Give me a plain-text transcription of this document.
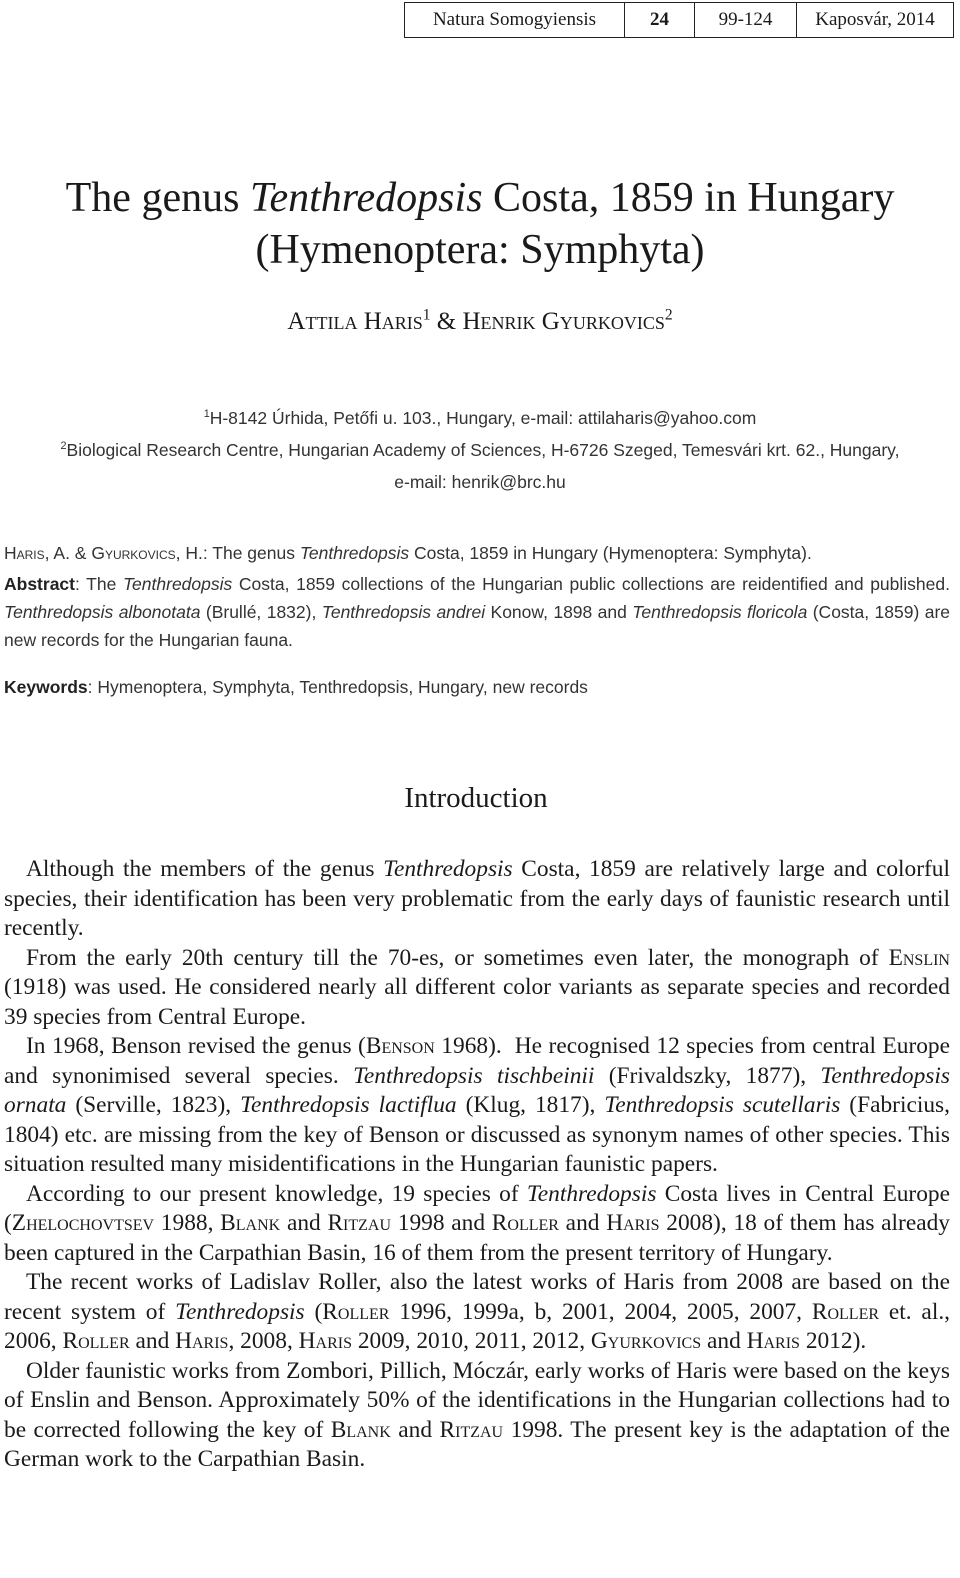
Natura Somogyiensis	24	99-124	Kaposvár, 2014
The genus Tenthredopsis Costa, 1859 in Hungary
(Hymenoptera: Symphyta)
Attila Haris$^1$ & Henrik Gyurkovics$^2$
$^1$H-8142 Úrhida, Petőfi u. 103., Hungary, e-mail: attilaharis@yahoo.com
$^2$Biological Research Centre, Hungarian Academy of Sciences, H-6726 Szeged, Temesvári krt. 62., Hungary,
e-mail: henrik@brc.hu
Haris, A. & Gyurkovics, H.: The genus Tenthredopsis Costa, 1859 in Hungary (Hymenoptera: Symphyta).
Abstract: The Tenthredopsis Costa, 1859 collections of the Hungarian public collections are reidentified and published. Tenthredopsis albonotata (Brullé, 1832), Tenthredopsis andrei Konow, 1898 and Tenthredopsis floricola (Costa, 1859) are new records for the Hungarian fauna.
Keywords: Hymenoptera, Symphyta, Tenthredopsis, Hungary, new records
Introduction

Although the members of the genus Tenthredopsis Costa, 1859 are relatively large and colorful species, their identification has been very problematic from the early days of faunistic research until recently.

From the early 20th century till the 70-es, or sometimes even later, the monograph of Enslin (1918) was used. He considered nearly all different color variants as separate species and recorded 39 species from Central Europe.

In 1968, Benson revised the genus (Benson 1968).  He recognised 12 species from central Europe and synonimised several species. Tenthredopsis tischbeinii (Frivaldszky, 1877), Tenthredopsis ornata (Serville, 1823), Tenthredopsis lactiflua (Klug, 1817), Tenthredopsis scutellaris (Fabricius, 1804) etc. are missing from the key of Benson or discussed as synonym names of other species. This situation resulted many misidentifications in the Hungarian faunistic papers.

According to our present knowledge, 19 species of Tenthredopsis Costa lives in Central Europe (Zhelochovtsev 1988, Blank and Ritzau 1998 and Roller and Haris 2008), 18 of them has already been captured in the Carpathian Basin, 16 of them from the present territory of Hungary.

The recent works of Ladislav Roller, also the latest works of Haris from 2008 are based on the recent system of Tenthredopsis (Roller 1996, 1999a, b, 2001, 2004, 2005, 2007, Roller et. al., 2006, Roller and Haris, 2008, Haris 2009, 2010, 2011, 2012, Gyurkovics and Haris 2012).

Older faunistic works from Zombori, Pillich, Móczár, early works of Haris were based on the keys of Enslin and Benson. Approximately 50% of the identifications in the Hungarian collections had to be corrected following the key of Blank and Ritzau 1998. The present key is the adaptation of the German work to the Carpathian Basin.
